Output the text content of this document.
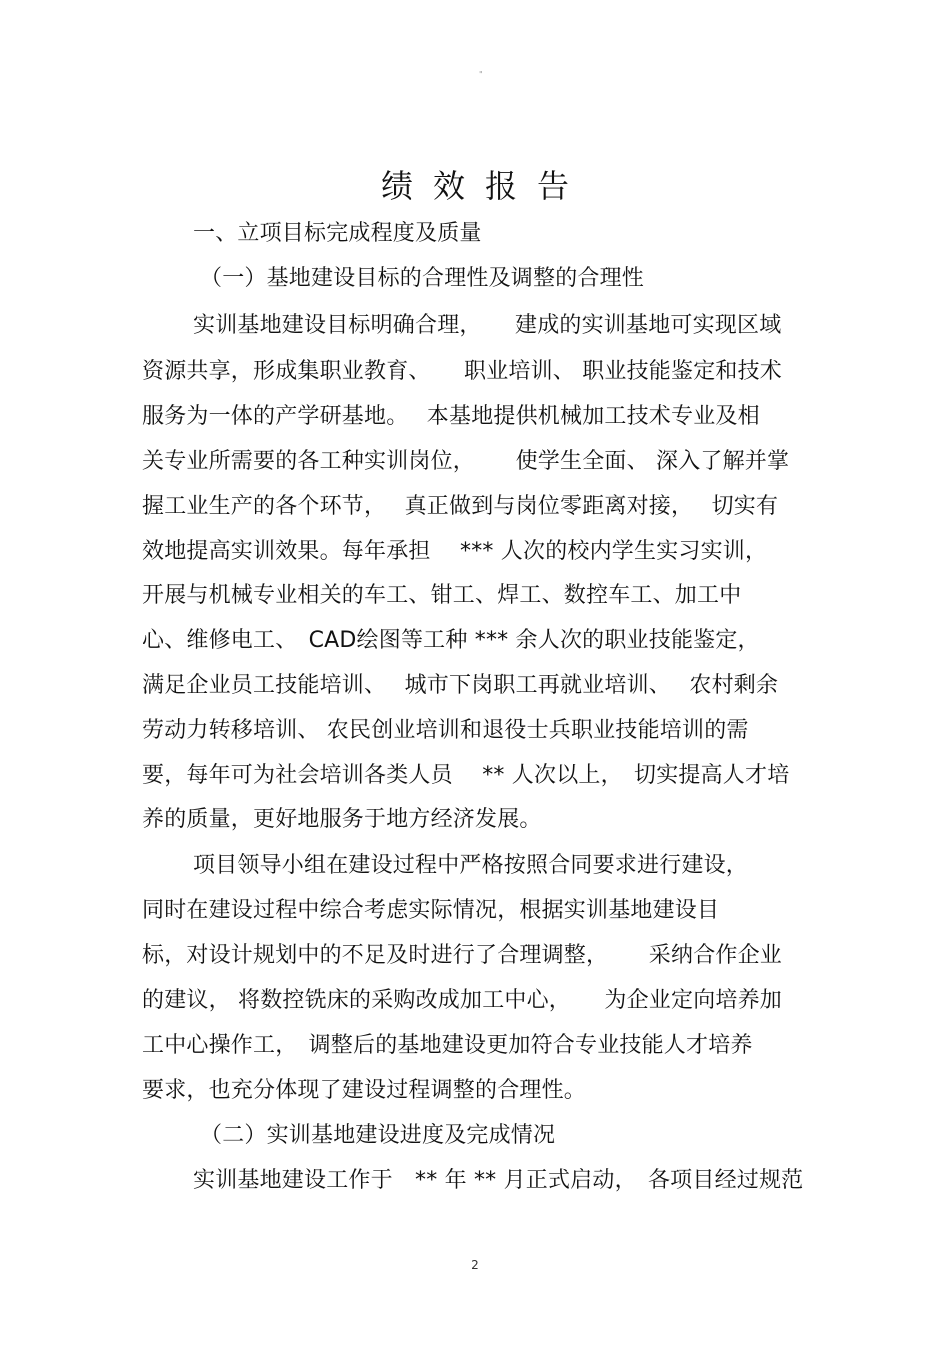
"
绩效报告
一、立项目标完成程度及质量
（一）基地建设目标的合理性及调整的合理性
实训基地建设目标明确合理，　　建成的实训基地可实现区域
资源共享，形成集职业教育、　　职业培训、 职业技能鉴定和技术
服务为一体的产学研基地。　 本基地提供机械加工技术专业及相
关专业所需要的各工种实训岗位，　　 使学生全面、 深入了解并掌
握工业生产的各个环节，　 真正做到与岗位零距离对接，　 切实有
效地提高实训效果。每年承担　 *** 人次的校内学生实习实训，
开展与机械专业相关的车工、钳工、焊工、数控车工、加工中
心、维修电工、　CAD绘图等工种 *** 余人次的职业技能鉴定，
满足企业员工技能培训、　 城市下岗职工再就业培训、　 农村剩余
劳动力转移培训、 农民创业培训和退役士兵职业技能培训的需
要，每年可为社会培训各类人员　 ** 人次以上，　切实提高人才培
养的质量，更好地服务于地方经济发展。
项目领导小组在建设过程中严格按照合同要求进行建设，
同时在建设过程中综合考虑实际情况，根据实训基地建设目
标，对设计规划中的不足及时进行了合理调整，　　 采纳合作企业
的建议， 将数控铣床的采购改成加工中心，　　为企业定向培养加
工中心操作工，　调整后的基地建设更加符合专业技能人才培养
要求，也充分体现了建设过程调整的合理性。
（二）实训基地建设进度及完成情况
实训基地建设工作于　** 年 ** 月正式启动，　各项目经过规范
2
